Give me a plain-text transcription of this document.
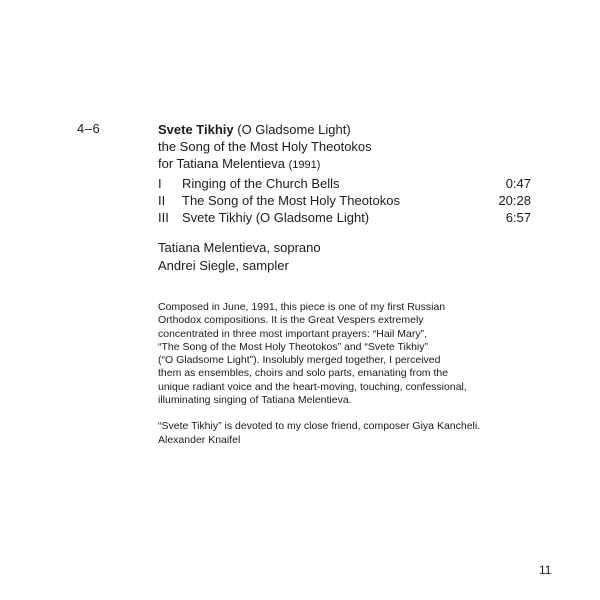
4–6	Svete Tikhiy (O Gladsome Light)
the Song of the Most Holy Theotokos
for Tatiana Melentieva (1991)
I Ringing of the Church Bells	0:47
II The Song of the Most Holy Theotokos	20:28
III Svete Tikhiy (O Gladsome Light)	6:57
Tatiana Melentieva, soprano
Andrei Siegle, sampler

Composed in June, 1991, this piece is one of my first Russian
Orthodox compositions. It is the Great Vespers extremely
concentrated in three most important prayers: “Hail Mary”,
“The Song of the Most Holy Theotokos” and “Svete Tikhiy”
(“O Gladsome Light”). Insolubly merged together, I perceived
them as ensembles, choirs and solo parts, emanating from the
unique radiant voice and the heart-moving, touching, confessional,
illuminating singing of Tatiana Melentieva.

“Svete Tikhiy” is devoted to my close friend, composer Giya Kancheli.
Alexander Knaifel

11
